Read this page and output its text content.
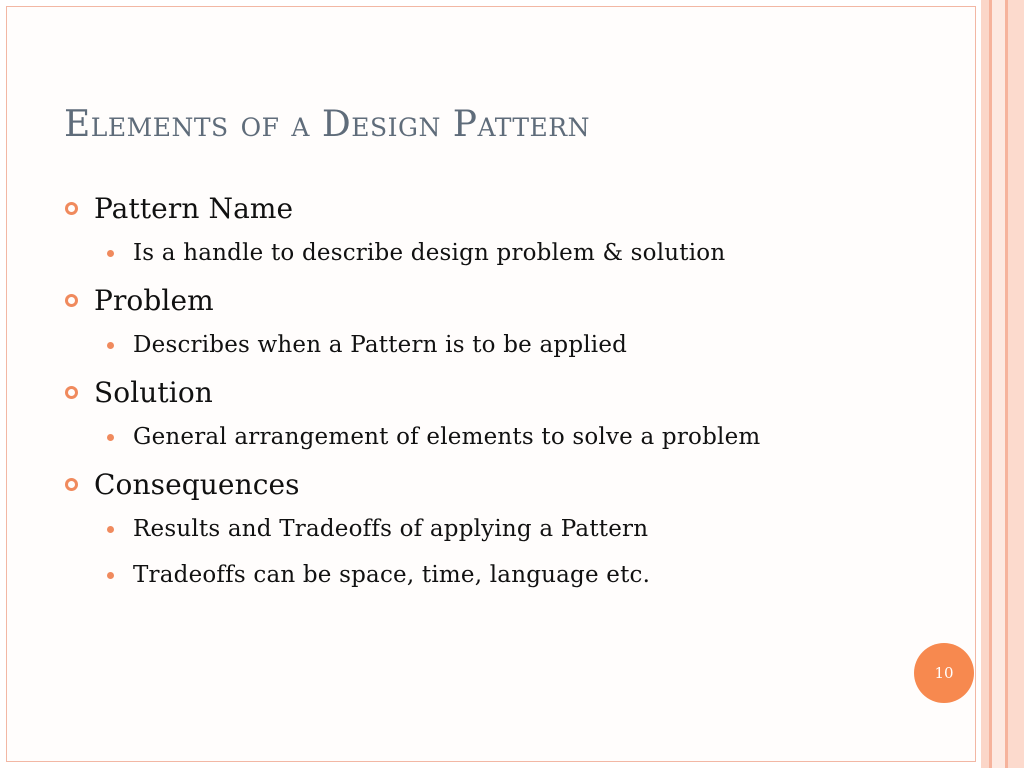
Elements of a Design Pattern
Pattern Name
Is a handle to describe design problem & solution
Problem
Describes when a Pattern is to be applied
Solution
General arrangement of elements to solve a problem
Consequences
Results and Tradeoffs of applying a Pattern
Tradeoffs can be space, time, language etc.
10
